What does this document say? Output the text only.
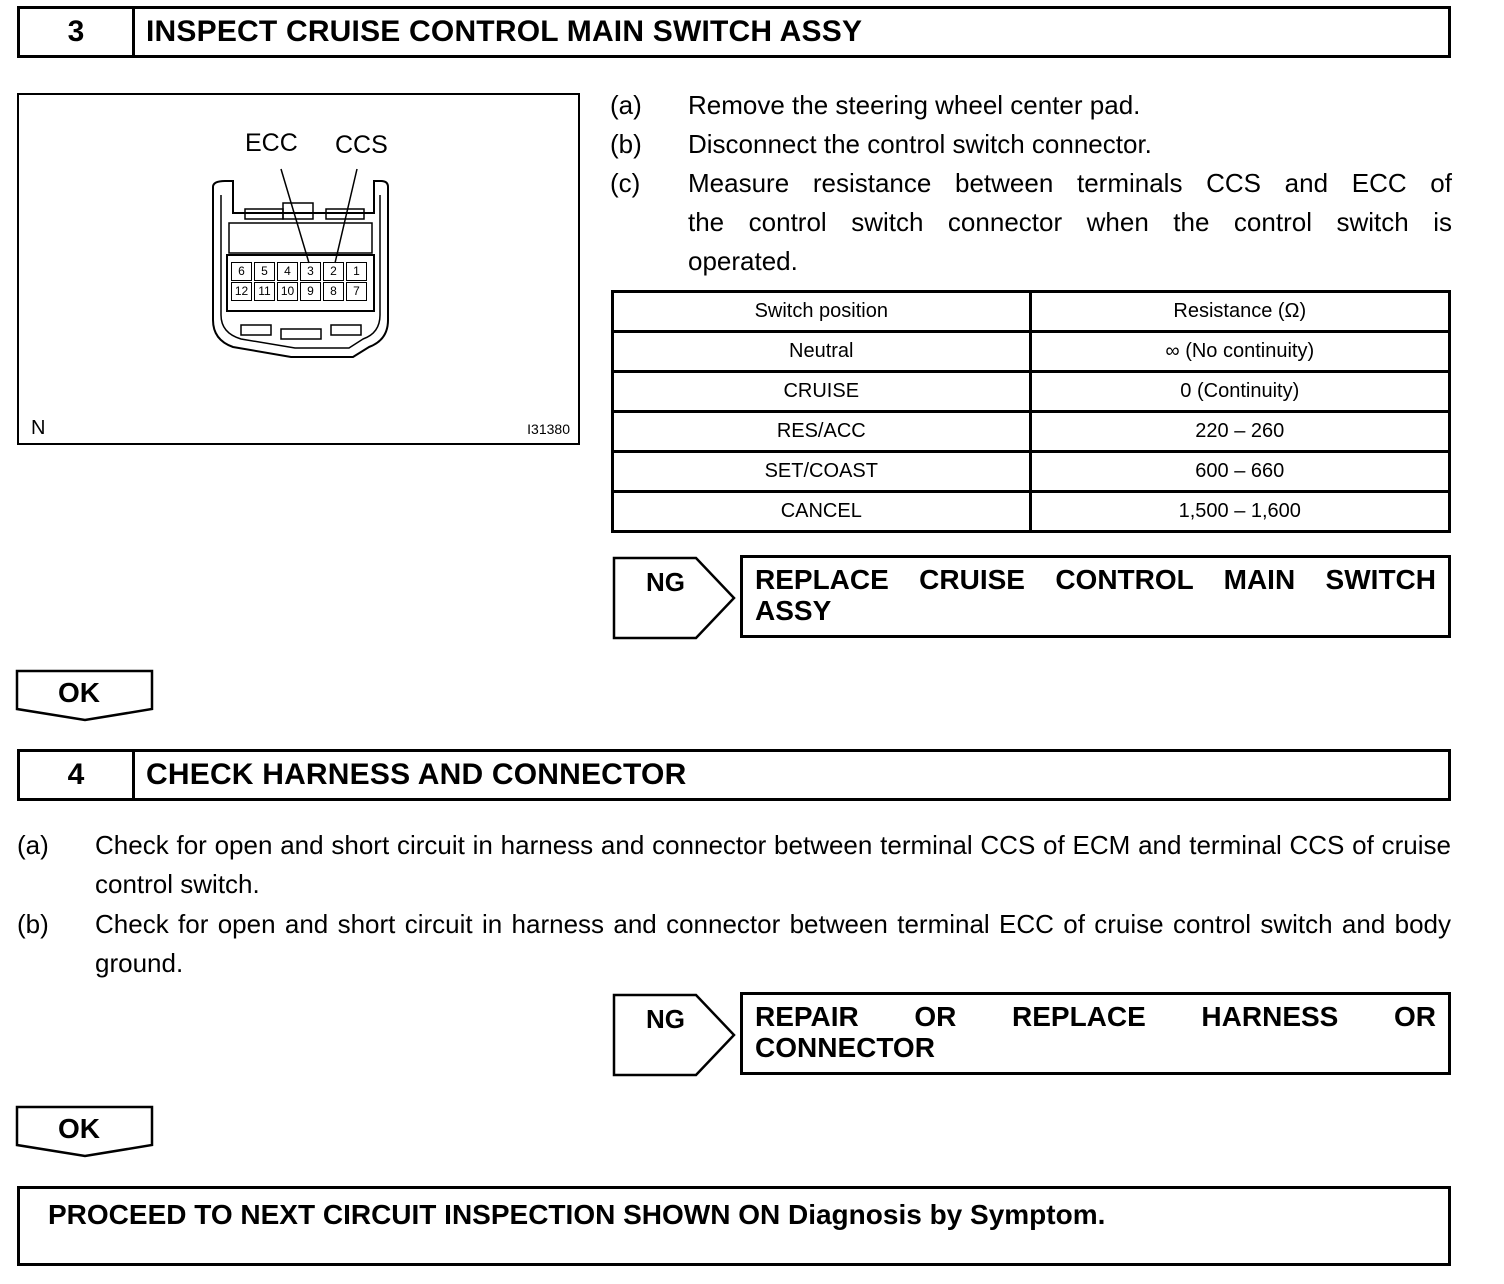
3	INSPECT CRUISE CONTROL MAIN SWITCH ASSY
ECC CCS
6	5	4	3	2	1
12 11 10	9	8	7
N	I31380
(a) Remove the steering wheel center pad.
(b) Disconnect the control switch connector.
(c) Measure resistance between terminals CCS and ECC of
the control switch connector when the control switch is
operated.
Switch position	Resistance (Ω)
Neutral	∞ (No continuity)
CRUISE	0 (Continuity)
RES/ACC	220 – 260
SET/COAST	600 – 660
CANCEL	1,500 – 1,600
NG	REPLACE CRUISE CONTROL MAIN SWITCH
ASSY
OK
4	CHECK HARNESS AND CONNECTOR
(a) Check for open and short circuit in harness and connector between terminal CCS of ECM and terminal CCS of cruise control switch.
(b) Check for open and short circuit in harness and connector between terminal ECC of cruise control switch and body ground.
NG	REPAIR OR REPLACE HARNESS OR
CONNECTOR
OK
PROCEED TO NEXT CIRCUIT INSPECTION SHOWN ON Diagnosis by Symptom.
